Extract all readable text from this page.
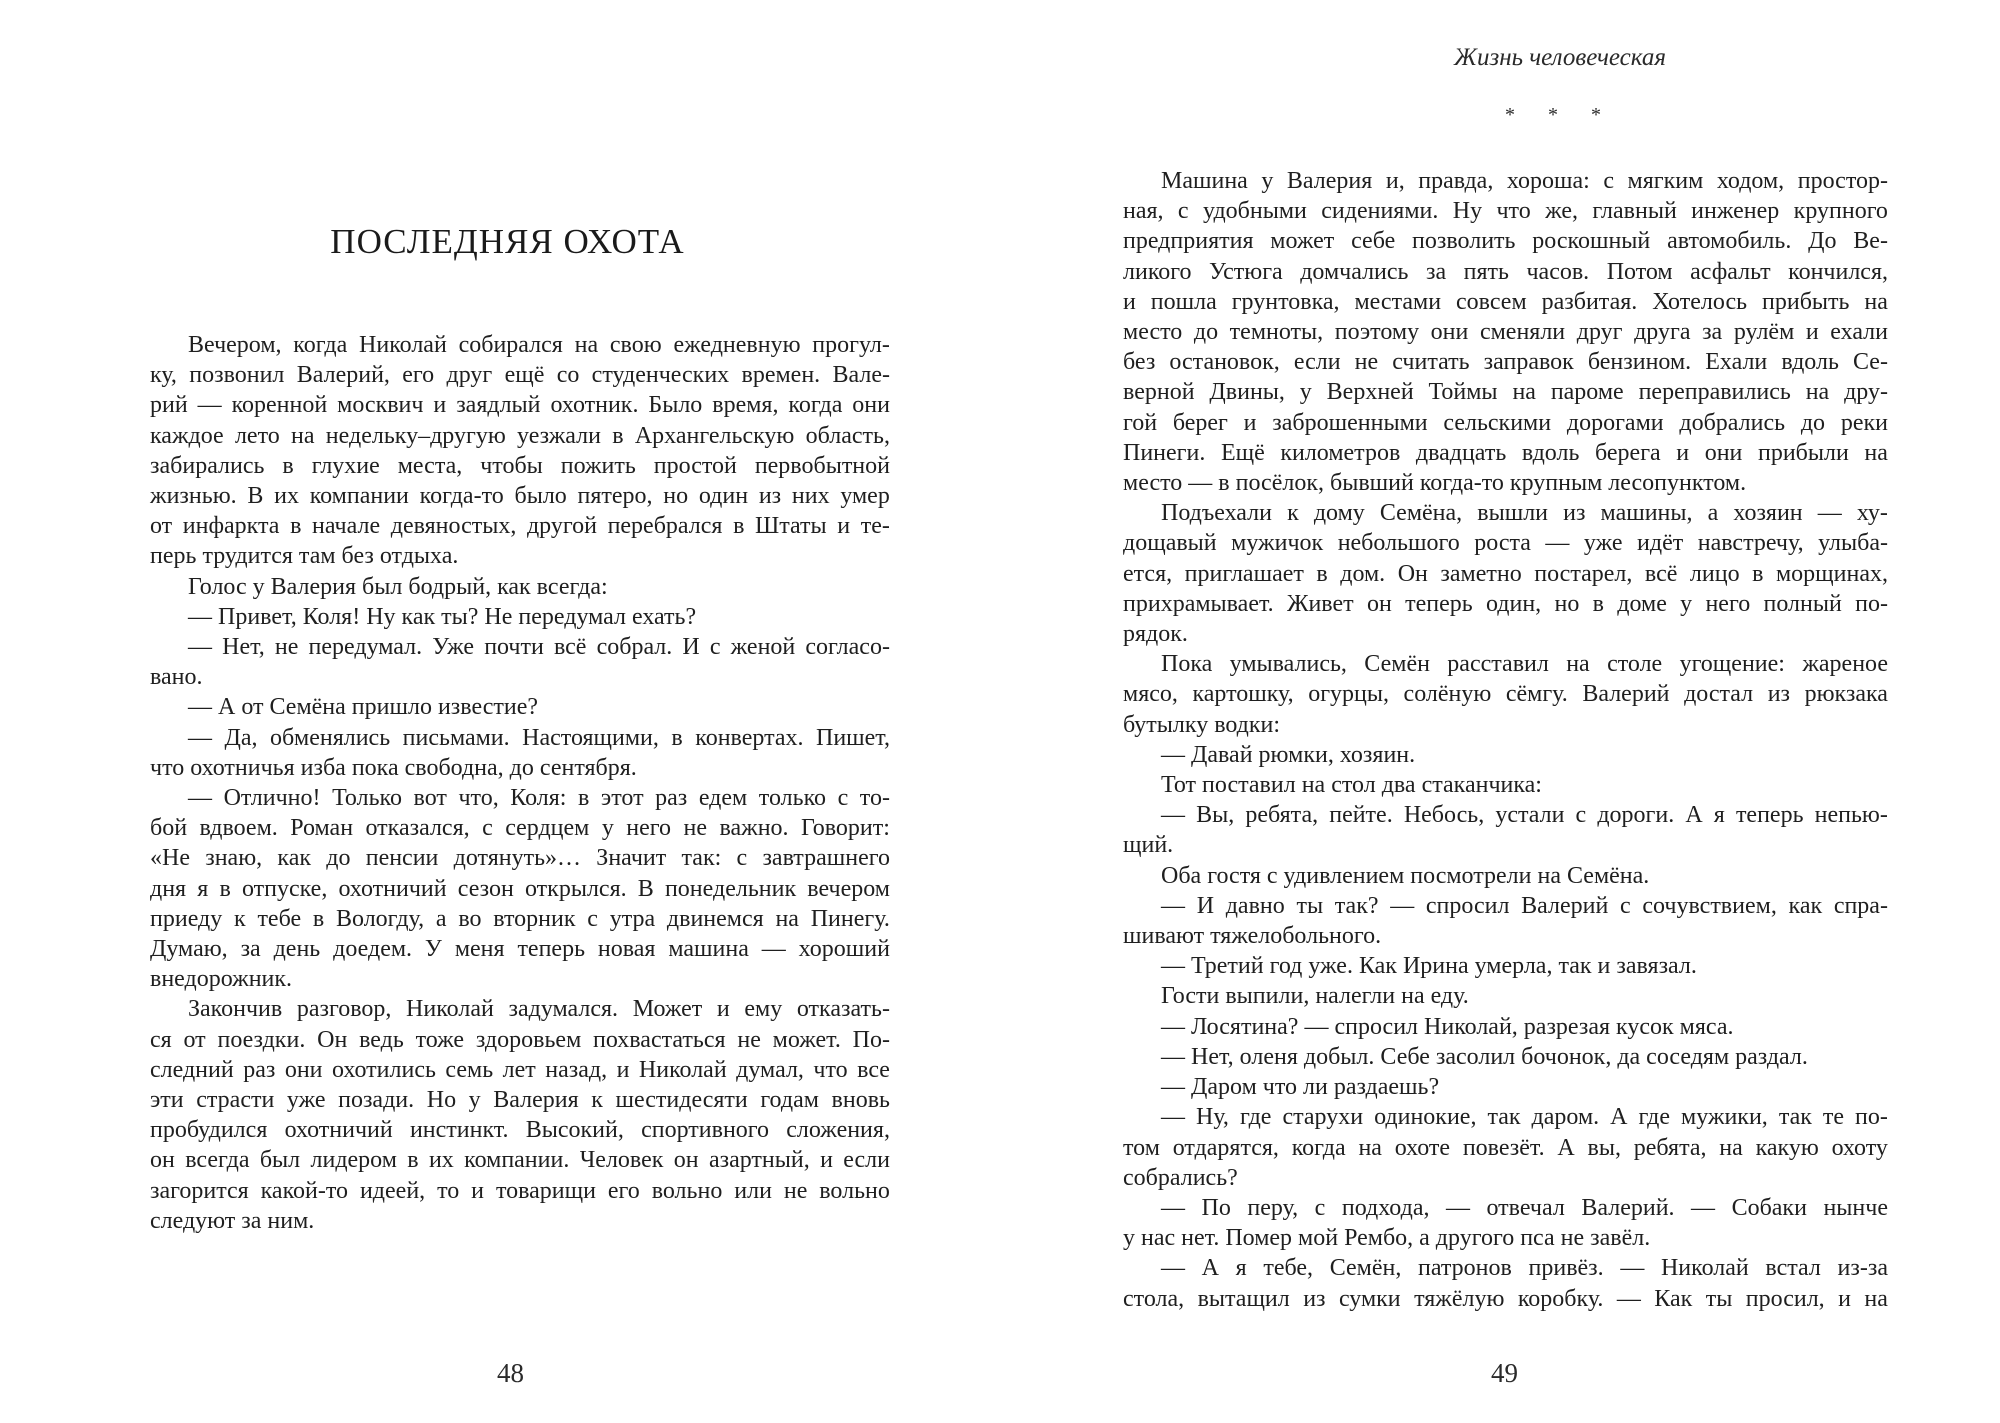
ПОСЛЕДНЯЯ ОХОТА
Вечером, когда Николай собирался на свою ежедневную прогул-
ку, позвонил Валерий, его друг ещё со студенческих времен. Вале-
рий — коренной москвич и заядлый охотник. Было время, когда они
каждое лето на недельку–другую уезжали в Архангельскую область,
забирались в глухие места, чтобы пожить простой первобытной
жизнью. В их компании когда-то было пятеро, но один из них умер
от инфаркта в начале девяностых, другой перебрался в Штаты и те-
перь трудится там без отдыха.
Голос у Валерия был бодрый, как всегда:
— Привет, Коля! Ну как ты? Не передумал ехать?
— Нет, не передумал. Уже почти всё собрал. И с женой согласо-
вано.
— А от Семёна пришло известие?
— Да, обменялись письмами. Настоящими, в конвертах. Пишет,
что охотничья изба пока свободна, до сентября.
— Отлично! Только вот что, Коля: в этот раз едем только с то-
бой вдвоем. Роман отказался, с сердцем у него не важно. Говорит:
«Не знаю, как до пенсии дотянуть»… Значит так: с завтрашнего
дня я в отпуске, охотничий сезон открылся. В понедельник вечером
приеду к тебе в Вологду, а во вторник с утра двинемся на Пинегу.
Думаю, за день доедем. У меня теперь новая машина — хороший
внедорожник.
Закончив разговор, Николай задумался. Может и ему отказать-
ся от поездки. Он ведь тоже здоровьем похвастаться не может. По-
следний раз они охотились семь лет назад, и Николай думал, что все
эти страсти уже позади. Но у Валерия к шестидесяти годам вновь
пробудился охотничий инстинкт. Высокий, спортивного сложения,
он всегда был лидером в их компании. Человек он азартный, и если
загорится какой-то идеей, то и товарищи его вольно или не вольно
следуют за ним.
48
Жизнь человеческая
* * *
Машина у Валерия и, правда, хороша: с мягким ходом, простор-
ная, с удобными сидениями. Ну что же, главный инженер крупного
предприятия может себе позволить роскошный автомобиль. До Ве-
ликого Устюга домчались за пять часов. Потом асфальт кончился,
и пошла грунтовка, местами совсем разбитая. Хотелось прибыть на
место до темноты, поэтому они сменяли друг друга за рулём и ехали
без остановок, если не считать заправок бензином. Ехали вдоль Се-
верной Двины, у Верхней Тоймы на пароме переправились на дру-
гой берег и заброшенными сельскими дорогами добрались до реки
Пинеги. Ещё километров двадцать вдоль берега и они прибыли на
место — в посёлок, бывший когда-то крупным лесопунктом.
Подъехали к дому Семёна, вышли из машины, а хозяин — ху-
дощавый мужичок небольшого роста — уже идёт навстречу, улыба-
ется, приглашает в дом. Он заметно постарел, всё лицо в морщинах,
прихрамывает. Живет он теперь один, но в доме у него полный по-
рядок.
Пока умывались, Семён расставил на столе угощение: жареное
мясо, картошку, огурцы, солёную сёмгу. Валерий достал из рюкзака
бутылку водки:
— Давай рюмки, хозяин.
Тот поставил на стол два стаканчика:
— Вы, ребята, пейте. Небось, устали с дороги. А я теперь непью-
щий.
Оба гостя с удивлением посмотрели на Семёна.
— И давно ты так? — спросил Валерий с сочувствием, как спра-
шивают тяжелобольного.
— Третий год уже. Как Ирина умерла, так и завязал.
Гости выпили, налегли на еду.
— Лосятина? — спросил Николай, разрезая кусок мяса.
— Нет, оленя добыл. Себе засолил бочонок, да соседям раздал.
— Даром что ли раздаешь?
— Ну, где старухи одинокие, так даром. А где мужики, так те по-
том отдарятся, когда на охоте повезёт. А вы, ребята, на какую охоту
собрались?
— По перу, с подхода, — отвечал Валерий. — Собаки нынче
у нас нет. Помер мой Рембо, а другого пса не завёл.
— А я тебе, Семён, патронов привёз. — Николай встал из-за
стола, вытащил из сумки тяжёлую коробку. — Как ты просил, и на
49
